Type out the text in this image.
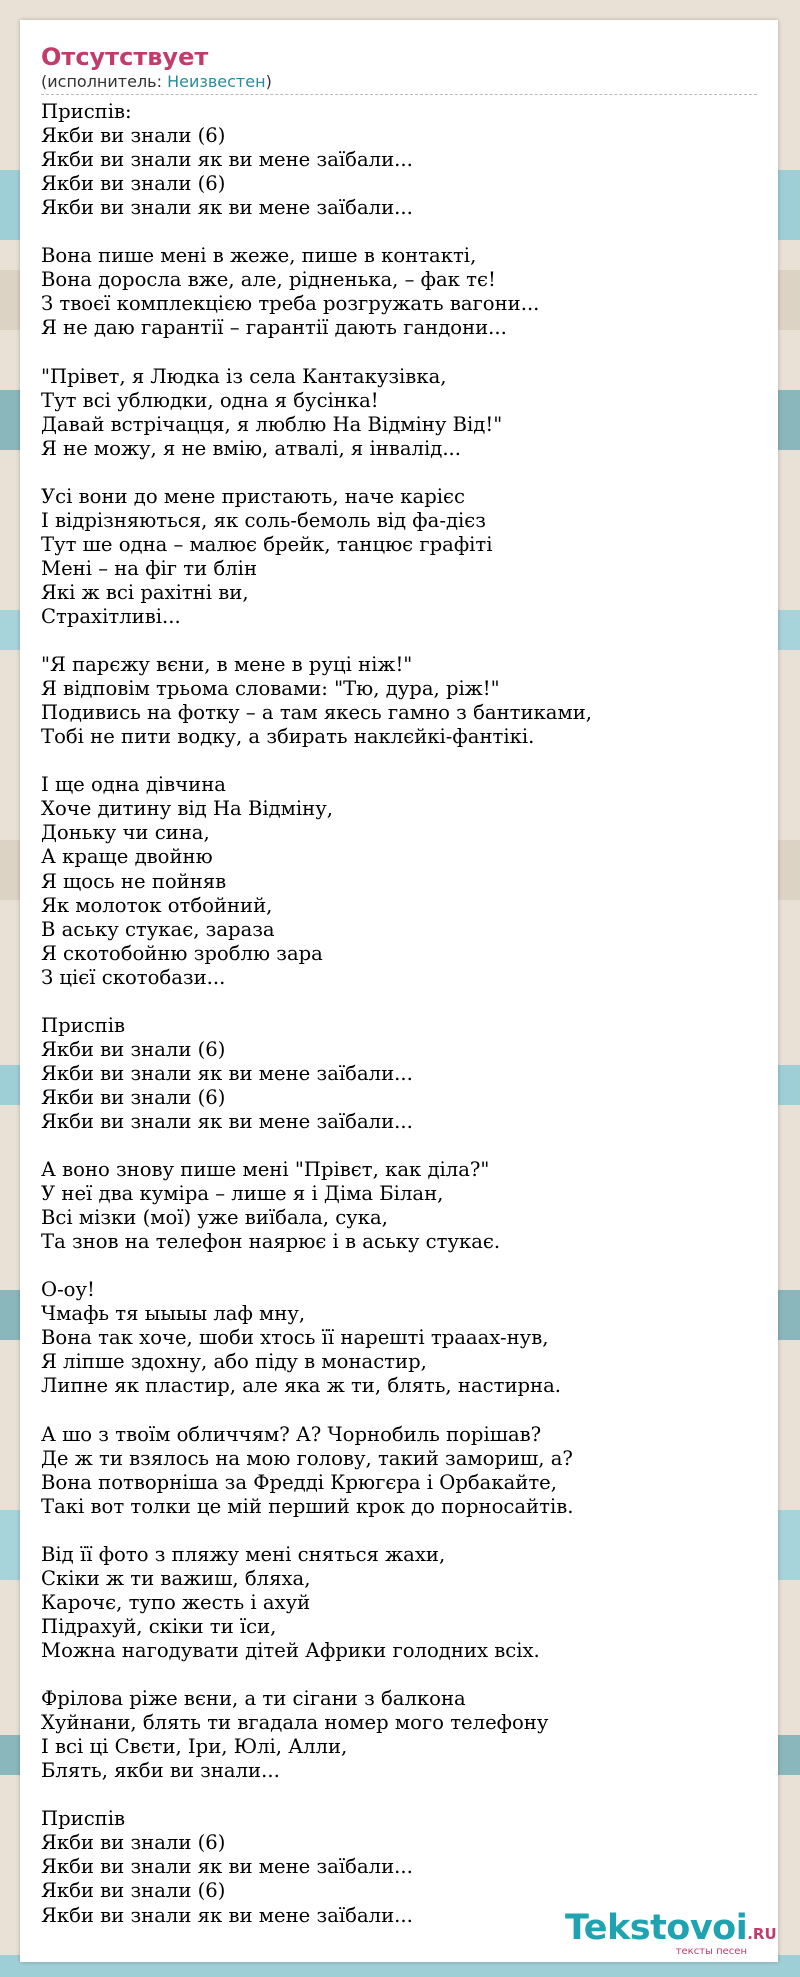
Отсутствует
(исполнитель: Неизвестен)
Приспів:
Якби ви знали (6)
Якби ви знали як ви мене заїбали...
Якби ви знали (6)
Якби ви знали як ви мене заїбали...
Вона пише мені в жеже, пише в контакті,
Вона доросла вже, але, рідненька, – фак тє!
З твоєї комплекцією треба розгружать вагони...
Я не даю гарантії – гарантії дають гандони...
"Прівет, я Людка із села Кантакузівка,
Тут всі ублюдки, одна я бусінка!
Давай встрічацця, я люблю На Відміну Від!"
Я не можу, я не вмію, атвалі, я інвалід...
Усі вони до мене пристають, наче карієс
І відрізняються, як соль-бемоль від фа-дієз
Тут ше одна – малює брейк, танцює графіті
Мені – на фіг ти блін
Які ж всі рахітні ви,
Страхітливі...
"Я парєжу вєни, в мене в руці ніж!"
Я відповім трьома словами: "Тю, дура, ріж!"
Подивись на фотку – а там якесь гамно з бантиками,
Тобі не пити водку, а збирать наклєйкі-фантікі.
І ще одна дівчина
Хоче дитину від На Відміну,
Доньку чи сина,
А краще двойню
Я щось не пойняв
Як молоток отбойний,
В аську стукає, зараза
Я скотобойню зроблю зара
З цієї скотобази...
Приспів
Якби ви знали (6)
Якби ви знали як ви мене заїбали...
Якби ви знали (6)
Якби ви знали як ви мене заїбали...
А воно знову пише мені "Прівєт, как діла?"
У неї два куміра – лише я і Діма Білан,
Всі мізки (мої) уже виїбала, сука,
Та знов на телефон наярює і в аську стукає.
О-оу!
Чмафь тя ыыыы лаф мну,
Вона так хоче, шоби хтось її нарешті траааx-нув,
Я ліпше здохну, або піду в монастир,
Липне як пластир, але яка ж ти, блять, настирна.
А шо з твоїм обличчям? А? Чорнобиль порішав?
Де ж ти взялось на мою голову, такий замориш, а?
Вона потворніша за Фредді Крюгєра і Орбакайте,
Такі вот толки це мій перший крок до порносайтів.
Від її фото з пляжу мені сняться жахи,
Скіки ж ти важиш, бляха,
Карочє, тупо жесть і ахуй
Підрахуй, скіки ти їси,
Можна нагодувати дітей Африки голодних всіх.
Фрілова ріже вєни, а ти сігани з балкона
Хуйнани, блять ти вгадала номер мого телефону
І всі ці Свєти, Іри, Юлі, Алли,
Блять, якби ви знали...
Приспів
Якби ви знали (6)
Якби ви знали як ви мене заїбали...
Якби ви знали (6)
Якби ви знали як ви мене заїбали...	Tekstovoi.RU
тексты песен
